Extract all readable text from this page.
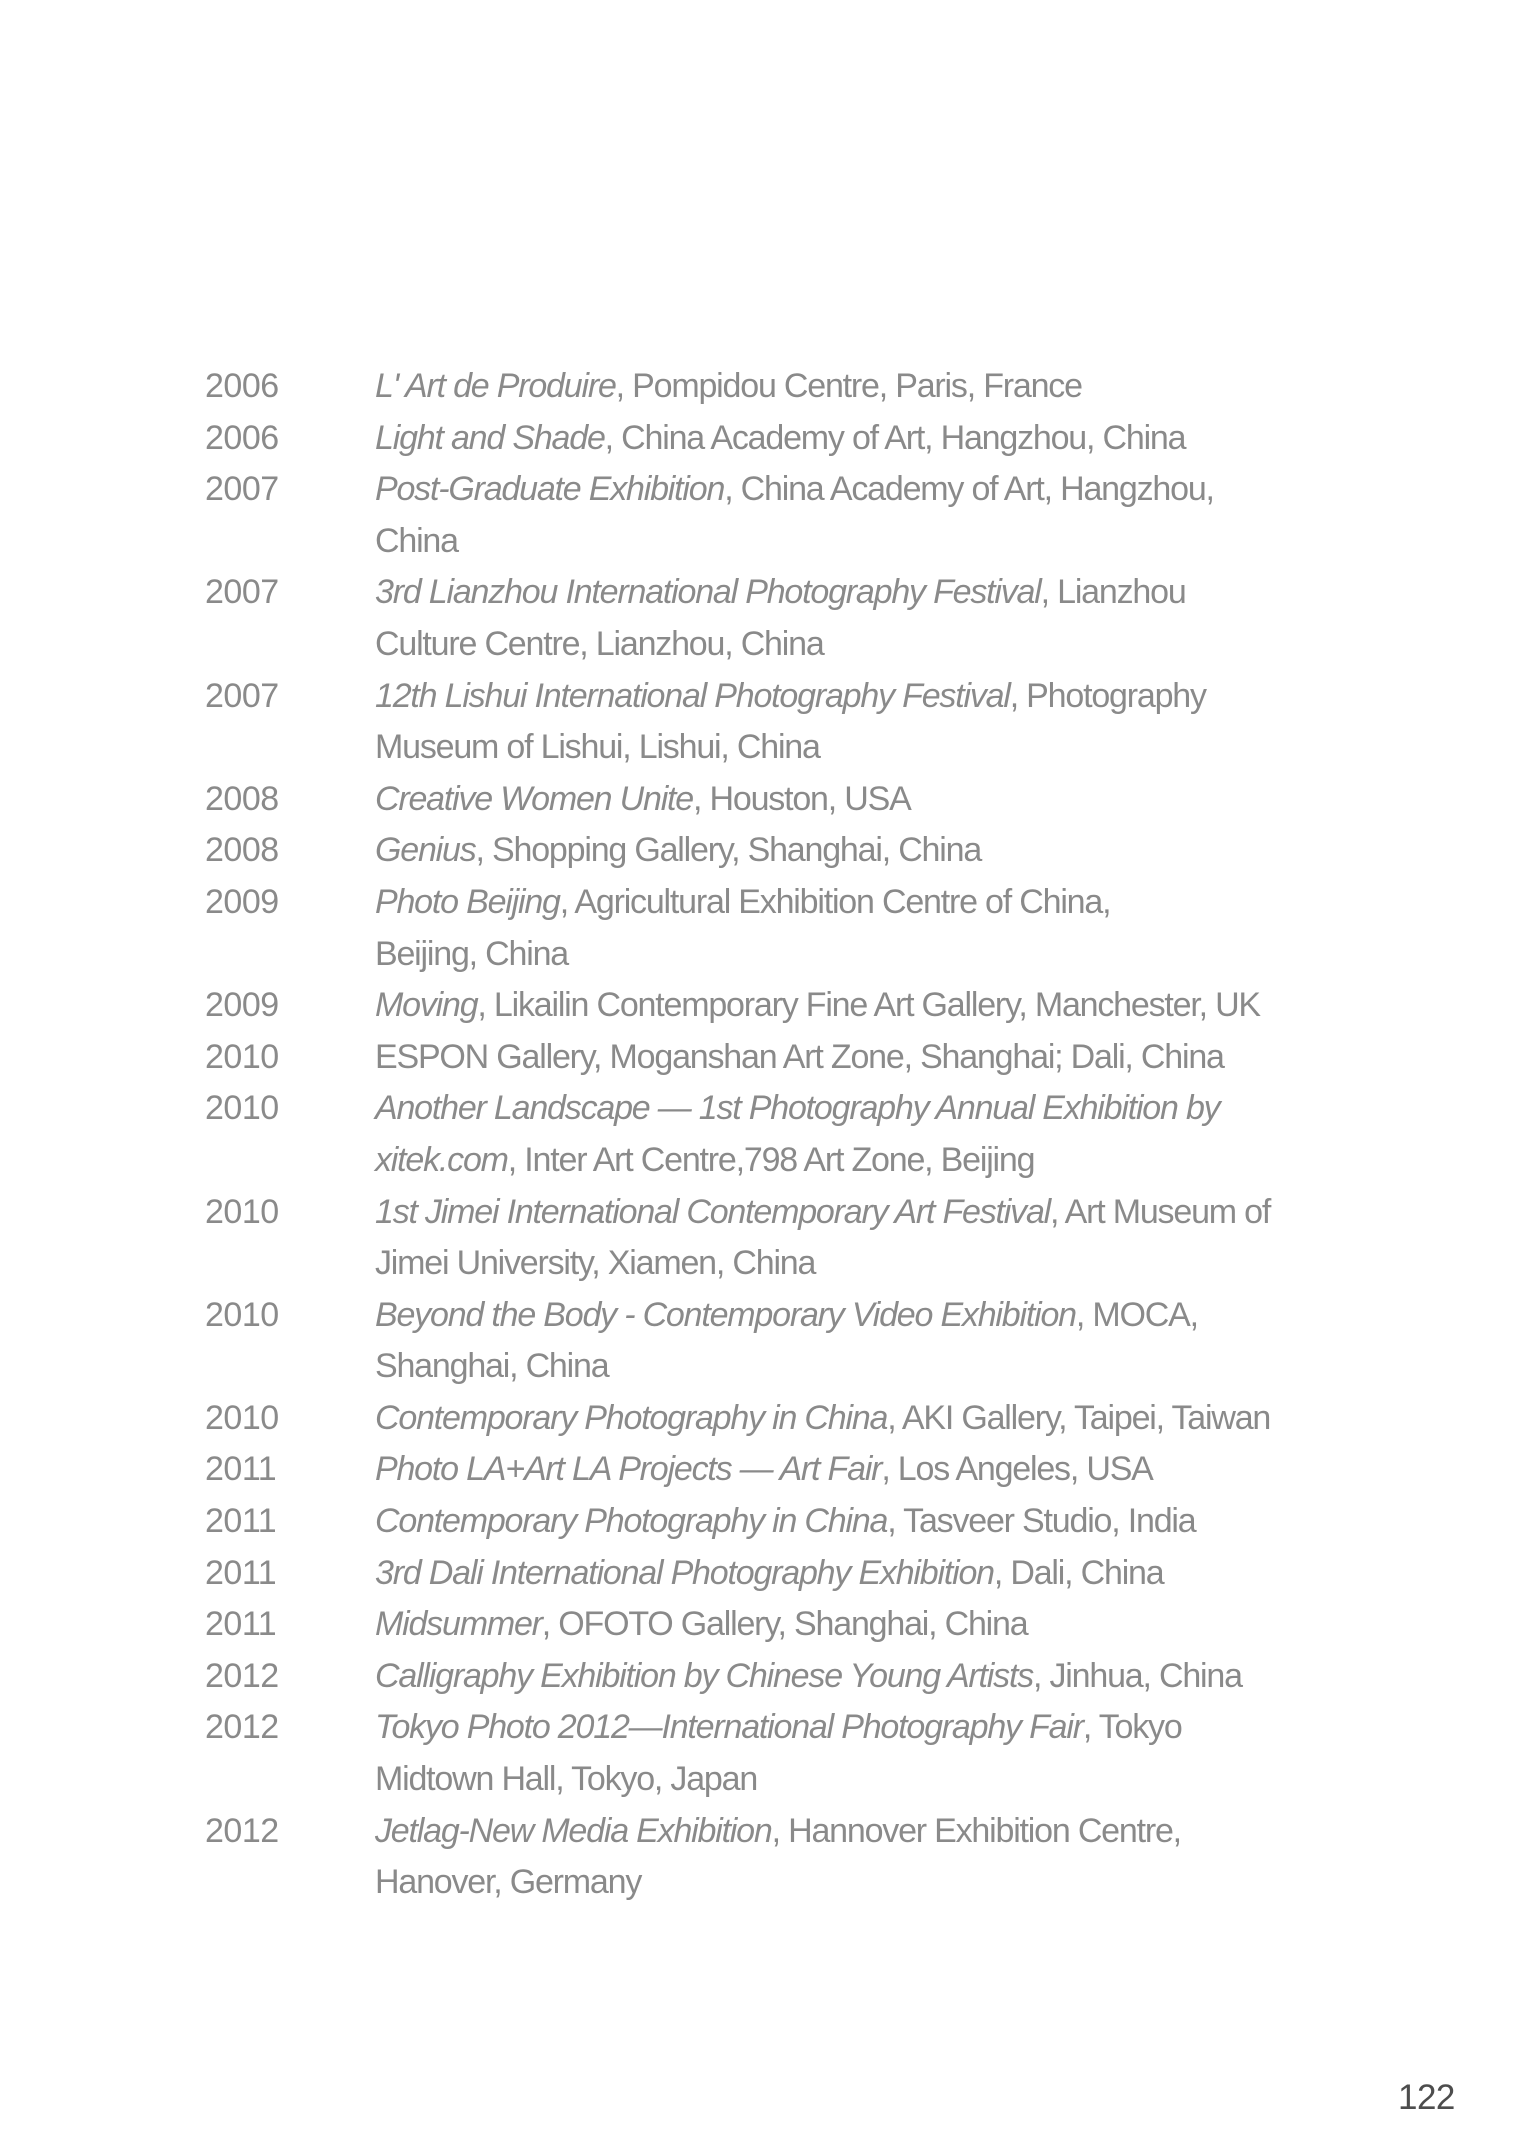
2006	L' Art de Produire, Pompidou Centre, Paris, France
2006	Light and Shade, China Academy of Art, Hangzhou, China
2007	Post-Graduate Exhibition, China Academy of Art, Hangzhou,
China
2007	3rd Lianzhou International Photography Festival, Lianzhou
Culture Centre, Lianzhou, China
2007	12th Lishui International Photography Festival, Photography
Museum of Lishui, Lishui, China
2008	Creative Women Unite, Houston, USA
2008	Genius, Shopping Gallery, Shanghai, China
2009	Photo Beijing, Agricultural Exhibition Centre of China,
Beijing, China
2009	Moving, Likailin Contemporary Fine Art Gallery, Manchester, UK
2010	ESPON Gallery, Moganshan Art Zone, Shanghai; Dali, China
2010	Another Landscape — 1st Photography Annual Exhibition by
xitek.com, Inter Art Centre,798 Art Zone, Beijing
2010	1st Jimei International Contemporary Art Festival, Art Museum of
Jimei University, Xiamen, China
2010	Beyond the Body - Contemporary Video Exhibition, MOCA,
Shanghai, China
2010	Contemporary Photography in China, AKI Gallery, Taipei, Taiwan
2011	Photo LA+Art LA Projects — Art Fair, Los Angeles, USA
2011	Contemporary Photography in China, Tasveer Studio, India
2011	3rd Dali International Photography Exhibition, Dali, China
2011	Midsummer, OFOTO Gallery, Shanghai, China
2012	Calligraphy Exhibition by Chinese Young Artists, Jinhua, China
2012	Tokyo Photo 2012—International Photography Fair, Tokyo
Midtown Hall, Tokyo, Japan
2012	Jetlag-New Media Exhibition, Hannover Exhibition Centre,
Hanover, Germany
122
